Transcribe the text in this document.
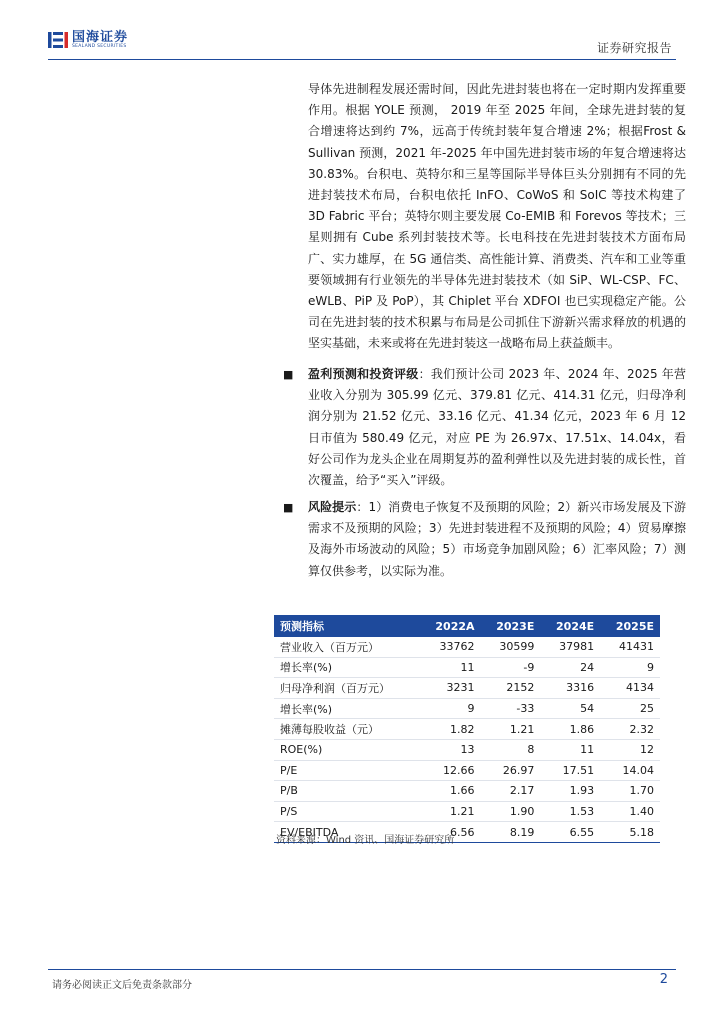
国海证券
SEALAND SECURITIES	证券研究报告
导体先进制程发展还需时间，因此先进封装也将在一定时期内发挥重要作用。根据 YOLE 预测， 2019 年至 2025 年间，全球先进封装的复合增速将达到约 7%，远高于传统封装年复合增速 2%；根据Frost & Sullivan 预测，2021 年-2025 年中国先进封装市场的年复合增速将达 30.83%。台积电、英特尔和三星等国际半导体巨头分别拥有不同的先进封装技术布局，台积电依托 InFO、CoWoS 和 SoIC 等技术构建了 3D Fabric 平台；英特尔则主要发展 Co-EMIB 和 Forevos 等技术；三星则拥有 Cube 系列封装技术等。长电科技在先进封装技术方面布局广、实力雄厚，在 5G 通信类、高性能计算、消费类、汽车和工业等重要领域拥有行业领先的半导体先进封装技术（如 SiP、WL-CSP、FC、eWLB、PiP 及 PoP），其 Chiplet 平台 XDFOI 也已实现稳定产能。公司在先进封装的技术积累与布局是公司抓住下游新兴需求释放的机遇的坚实基础，未来或将在先进封装这一战略布局上获益颇丰。
■	盈利预测和投资评级：我们预计公司 2023 年、2024 年、2025 年营业收入分别为 305.99 亿元、379.81 亿元、414.31 亿元，归母净利润分别为 21.52 亿元、33.16 亿元、41.34 亿元，2023 年 6 月 12 日市值为 580.49 亿元，对应 PE 为 26.97x、17.51x、14.04x，看好公司作为龙头企业在周期复苏的盈利弹性以及先进封装的成长性，首次覆盖，给予“买入”评级。
■	风险提示：1）消费电子恢复不及预期的风险；2）新兴市场发展及下游需求不及预期的风险；3）先进封装进程不及预期的风险；4）贸易摩擦及海外市场波动的风险；5）市场竞争加剧风险；6）汇率风险；7）测算仅供参考，以实际为准。
预测指标	2022A	2023E	2024E	2025E
营业收入（百万元）	33762	30599	37981	41431
增长率(%)	11	-9	24	9
归母净利润（百万元）	3231	2152	3316	4134
增长率(%)	9	-33	54	25
摊薄每股收益（元）	1.82	1.21	1.86	2.32
ROE(%)	13	8	11	12
P/E	12.66	26.97	17.51	14.04
P/B	1.66	2.17	1.93	1.70
P/S	1.21	1.90	1.53	1.40
EV/EBITDA	6.56	8.19	6.55	5.18
资料来源：Wind 资讯、国海证券研究所
请务必阅读正文后免责条款部分	2
